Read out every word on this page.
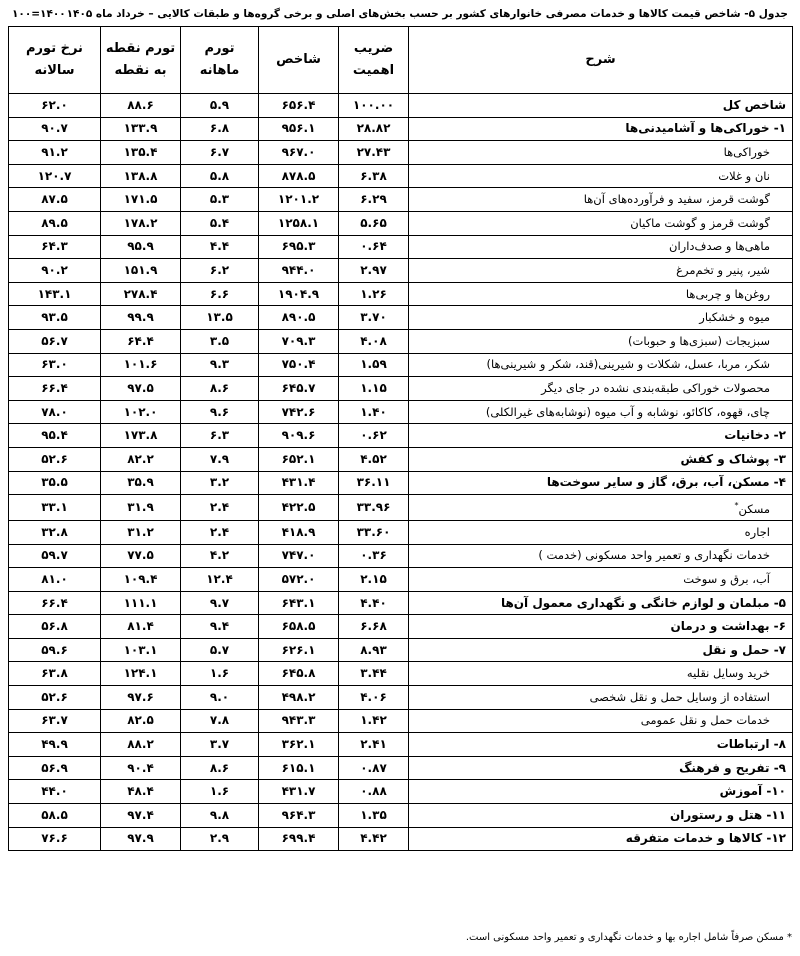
جدول ۵- شاخص قیمت کالاها و خدمات مصرفی خانوارهای کشور بر حسب بخش‌های اصلی و برخی گروه‌ها و طبقات کالایی – خرداد ماه ۱۴۰۵
۱۴۰۰=۱۰۰
شرح	ضریب اهمیت	شاخص	تورم ماهانه	تورم نقطه به نقطه	نرخ تورم سالانه
شاخص کل	۱۰۰.۰۰	۶۵۶.۴	۵.۹	۸۸.۶	۶۲.۰
۱- خوراکی‌ها و آشامیدنی‌ها	۲۸.۸۲	۹۵۶.۱	۶.۸	۱۳۳.۹	۹۰.۷
خوراکی‌ها	۲۷.۴۳	۹۶۷.۰	۶.۷	۱۳۵.۴	۹۱.۲
نان و غلات	۶.۳۸	۸۷۸.۵	۵.۸	۱۳۸.۸	۱۲۰.۷
گوشت قرمز، سفید و فرآورده‌های آن‌ها	۶.۲۹	۱۲۰۱.۲	۵.۳	۱۷۱.۵	۸۷.۵
گوشت قرمز و گوشت ماکیان	۵.۶۵	۱۲۵۸.۱	۵.۴	۱۷۸.۲	۸۹.۵
ماهی‌ها و صدف‌داران	۰.۶۴	۶۹۵.۳	۴.۴	۹۵.۹	۶۴.۳
شیر، پنیر و تخم‌مرغ	۲.۹۷	۹۴۴.۰	۶.۲	۱۵۱.۹	۹۰.۲
روغن‌ها و چربی‌ها	۱.۲۶	۱۹۰۴.۹	۶.۶	۲۷۸.۴	۱۴۳.۱
میوه و خشکبار	۳.۷۰	۸۹۰.۵	۱۳.۵	۹۹.۹	۹۳.۵
سبزیجات (سبزی‌ها و حبوبات)	۴.۰۸	۷۰۹.۳	۳.۵	۶۴.۴	۵۶.۷
شکر، مربا، عسل، شکلات و شیرینی(قند، شکر و شیرینی‌ها)	۱.۵۹	۷۵۰.۴	۹.۳	۱۰۱.۶	۶۳.۰
محصولات خوراکی طبقه‌بندی نشده در جای دیگر	۱.۱۵	۶۴۵.۷	۸.۶	۹۷.۵	۶۶.۴
چای، قهوه، کاکائو، نوشابه و آب میوه (نوشابه‌های غیرالکلی)	۱.۴۰	۷۴۲.۶	۹.۶	۱۰۲.۰	۷۸.۰
۲- دخانیات	۰.۶۲	۹۰۹.۶	۶.۳	۱۷۳.۸	۹۵.۴
۳- پوشاک و کفش	۴.۵۲	۶۵۲.۱	۷.۹	۸۲.۲	۵۲.۶
۴- مسکن، آب، برق، گاز و سایر سوخت‌ها	۳۶.۱۱	۴۳۱.۴	۳.۲	۳۵.۹	۳۵.۵
مسکن*	۳۳.۹۶	۴۲۲.۵	۲.۴	۳۱.۹	۳۳.۱
اجاره	۳۳.۶۰	۴۱۸.۹	۲.۴	۳۱.۲	۳۲.۸
خدمات نگهداری و تعمیر واحد مسکونی (خدمت )	۰.۳۶	۷۴۷.۰	۴.۲	۷۷.۵	۵۹.۷
آب، برق و سوخت	۲.۱۵	۵۷۲.۰	۱۲.۴	۱۰۹.۴	۸۱.۰
۵- مبلمان و لوازم خانگی و نگهداری معمول آن‌ها	۴.۴۰	۶۴۳.۱	۹.۷	۱۱۱.۱	۶۶.۴
۶- بهداشت و درمان	۶.۶۸	۶۵۸.۵	۹.۴	۸۱.۴	۵۶.۸
۷- حمل و نقل	۸.۹۳	۶۲۶.۱	۵.۷	۱۰۳.۱	۵۹.۶
خرید وسایل نقلیه	۳.۴۴	۶۴۵.۸	۱.۶	۱۲۴.۱	۶۳.۸
استفاده از وسایل حمل و نقل شخصی	۴.۰۶	۴۹۸.۲	۹.۰	۹۷.۶	۵۲.۶
خدمات حمل و نقل عمومی	۱.۴۲	۹۴۳.۳	۷.۸	۸۲.۵	۶۳.۷
۸- ارتباطات	۲.۴۱	۳۶۲.۱	۳.۷	۸۸.۲	۴۹.۹
۹- تفریح و فرهنگ	۰.۸۷	۶۱۵.۱	۸.۶	۹۰.۴	۵۶.۹
۱۰- آموزش	۰.۸۸	۴۳۱.۷	۱.۶	۴۸.۴	۴۴.۰
۱۱- هتل و رستوران	۱.۳۵	۹۶۴.۳	۹.۸	۹۷.۴	۵۸.۵
۱۲- کالاها و خدمات متفرقه	۴.۴۲	۶۹۹.۴	۲.۹	۹۷.۹	۷۶.۶
* مسکن صرفاً شامل اجاره بها و خدمات نگهداری و تعمیر واحد مسکونی است.
